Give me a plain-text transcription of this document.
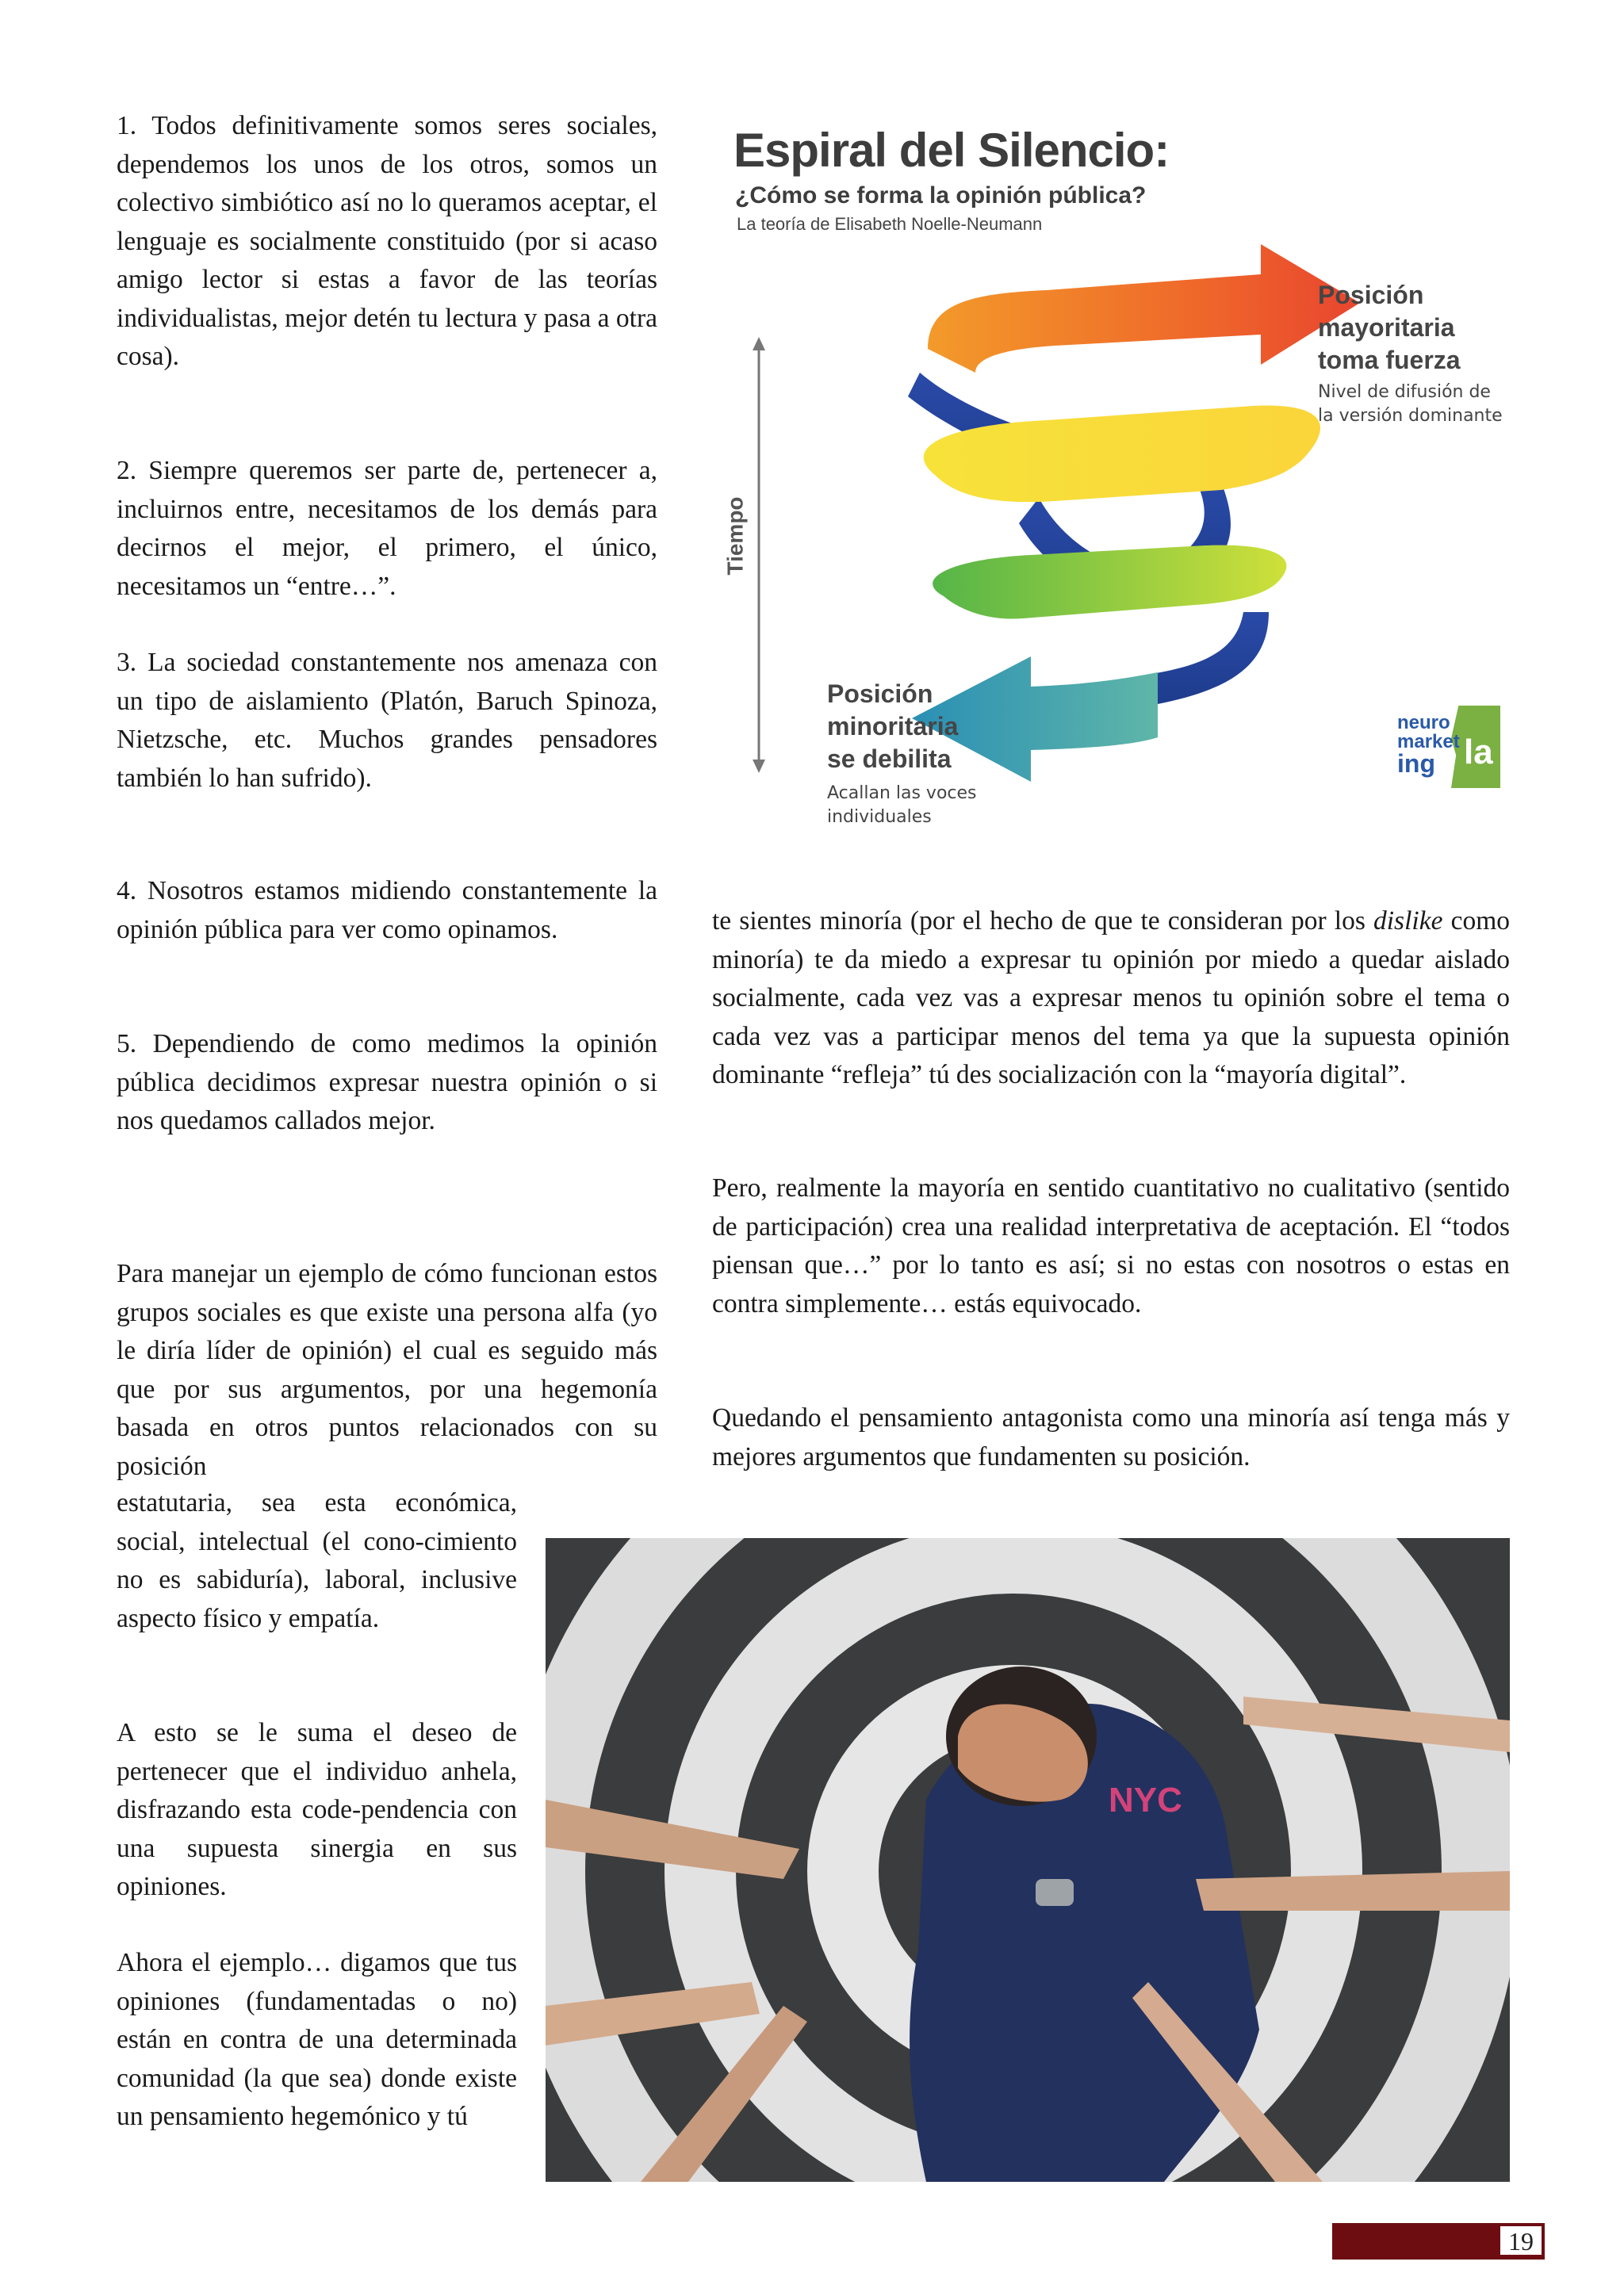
1. Todos definitivamente somos seres sociales, dependemos los unos de los otros, somos un colectivo simbiótico así no lo queramos aceptar, el lenguaje es socialmente constituido (por si acaso amigo lector si estas a favor de las teorías individualistas, mejor detén tu lectura y pasa a otra cosa).

2. Siempre queremos ser parte de, pertenecer a, incluirnos entre, necesitamos de los demás para decirnos el mejor, el primero, el único, necesitamos un “entre…”.

3. La sociedad constantemente nos amenaza con un tipo de aislamiento (Platón, Baruch Spinoza, Nietzsche, etc. Muchos grandes pensadores también lo han sufrido).

4. Nosotros estamos midiendo constantemente la opinión pública para ver como opinamos.

5. Dependiendo de como medimos la opinión pública decidimos expresar nuestra opinión o si nos quedamos callados mejor.

Para manejar un ejemplo de cómo funcionan estos grupos sociales es que existe una persona alfa (yo le diría líder de opinión) el cual es seguido más que por sus argumentos, por una hegemonía basada en otros puntos relacionados con su posición

estatutaria, sea esta económica, social, intelectual (el cono-cimiento no es sabiduría), laboral, inclusive aspecto físico y empatía.

A esto se le suma el deseo de pertenecer que el individuo anhela, disfrazando esta code-pendencia con una supuesta sinergia en sus opiniones.

Ahora el ejemplo… digamos que tus opiniones (fundamentadas o no) están en contra de una determinada comunidad (la que sea) donde existe un pensamiento hegemónico y tú

te sientes minoría (por el hecho de que te consideran por los dislike como minoría) te da miedo a expresar tu opinión por miedo a quedar aislado socialmente, cada vez vas a expresar menos tu opinión sobre el tema o cada vez vas a participar menos del tema ya que la supuesta opinión dominante “refleja” tú des socialización con la “mayoría digital”.

Pero, realmente la mayoría en sentido cuantitativo no cualitativo (sentido de participación) crea una realidad interpretativa de aceptación. El “todos piensan que…” por lo tanto es así; si no estas con nosotros o estas en contra simplemente… estás equivocado.

Quedando el pensamiento antagonista como una minoría así tenga más y mejores argumentos que fundamenten su posición.

Espiral del Silencio:

¿Cómo se forma la opinión pública?

La teoría de Elisabeth Noelle-Neumann

Posición
mayoritaria
toma fuerza
Nivel de difusión de
la versión dominante
Posición
minoritaria
se debilita
Acallan las voces
individuales

Tiempo

neuro
market
ing la
NYC

19
